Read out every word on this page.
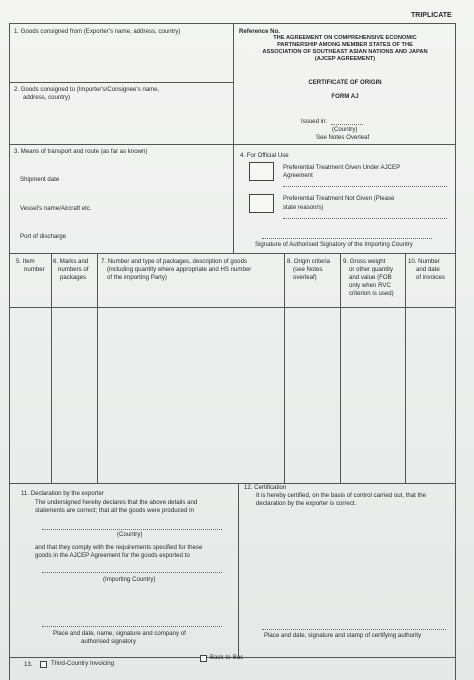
TRIPLICATE
1. Goods consigned from (Exporter's name, address, country)	Reference No.
THE AGREEMENT ON COMPREHENSIVE ECONOMIC
PARTNERSHIP AMONG MEMBER STATES OF THE
ASSOCIATION OF SOUTHEAST ASIAN NATIONS AND JAPAN
(AJCEP AGREEMENT)
CERTIFICATE OF ORIGIN
FORM AJ
Issued in:
(Country)
See Notes Overleaf
2. Goods consigned to (Importer's/Consignee's name,
address, country)
3. Means of transport and route (as far as known)
Shipment date
Vessel's name/Aircraft etc.
Port of discharge
4. For Official Use
Preferential Treatment Given Under AJCEP
Agreement
Preferential Treatment Not Given (Please
state reason/s)
Signature of Authorised Signatory of the Importing Country
5. Item
number
6. Marks and
numbers of
packages
7. Number and type of packages, description of goods
(including quantity where appropriate and HS number
of the importing Party)
8. Origin criteria
(see Notes
overleaf)
9. Gross weight
or other quantity
and value (FOB
only when RVC
criterion is used)
10. Number
and date
of invoices
11. Declaration by the exporter
The undersigned hereby declares that the above details and
statements are correct; that all the goods were produced in
(Country)
and that they comply with the requirements specified for these
goods in the AJCEP Agreement for the goods exported to
(Importing Country)
Place and date, name, signature and company of
authorised signatory
12. Certification
It is hereby certified, on the basis of control carried out, that the
declaration by the exporter is correct.
Place and date, signature and stamp of certifying authority
13.	Third-Country Invoicing
Back-to-Bac
